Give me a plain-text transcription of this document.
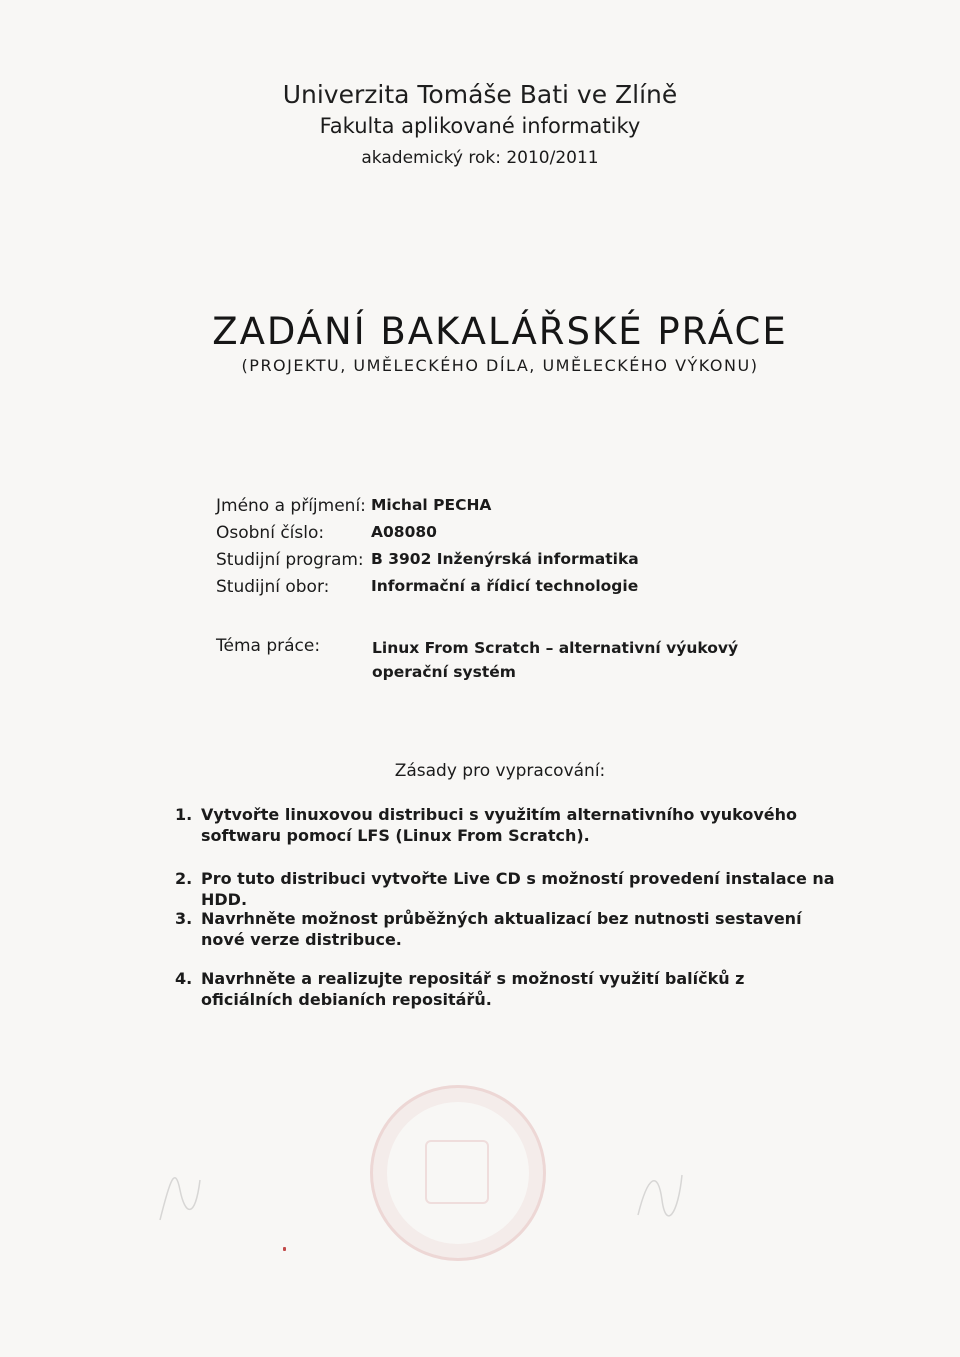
Univerzita Tomáše Bati ve Zlíně
Fakulta aplikované informatiky
akademický rok: 2010/2011
ZADÁNÍ BAKALÁŘSKÉ PRÁCE
(PROJEKTU, UMĚLECKÉHO DÍLA, UMĚLECKÉHO VÝKONU)
Jméno a příjmení: Michal PECHA
Osobní číslo:	A08080
Studijní program: B 3902 Inženýrská informatika
Studijní obor:	Informační a řídicí technologie
Téma práce:	Linux From Scratch – alternativní výukový operační systém
Zásady pro vypracování:
1. Vytvořte linuxovou distribuci s využitím alternativního vyukového softwaru pomocí LFS (Linux From Scratch).
2. Pro tuto distribuci vytvořte Live CD s možností provedení instalace na HDD.
3. Navrhněte možnost průběžných aktualizací bez nutnosti sestavení nové verze distribuce.
4. Navrhněte a realizujte repositář s možností využití balíčků z oficiálních debianích repositářů.
